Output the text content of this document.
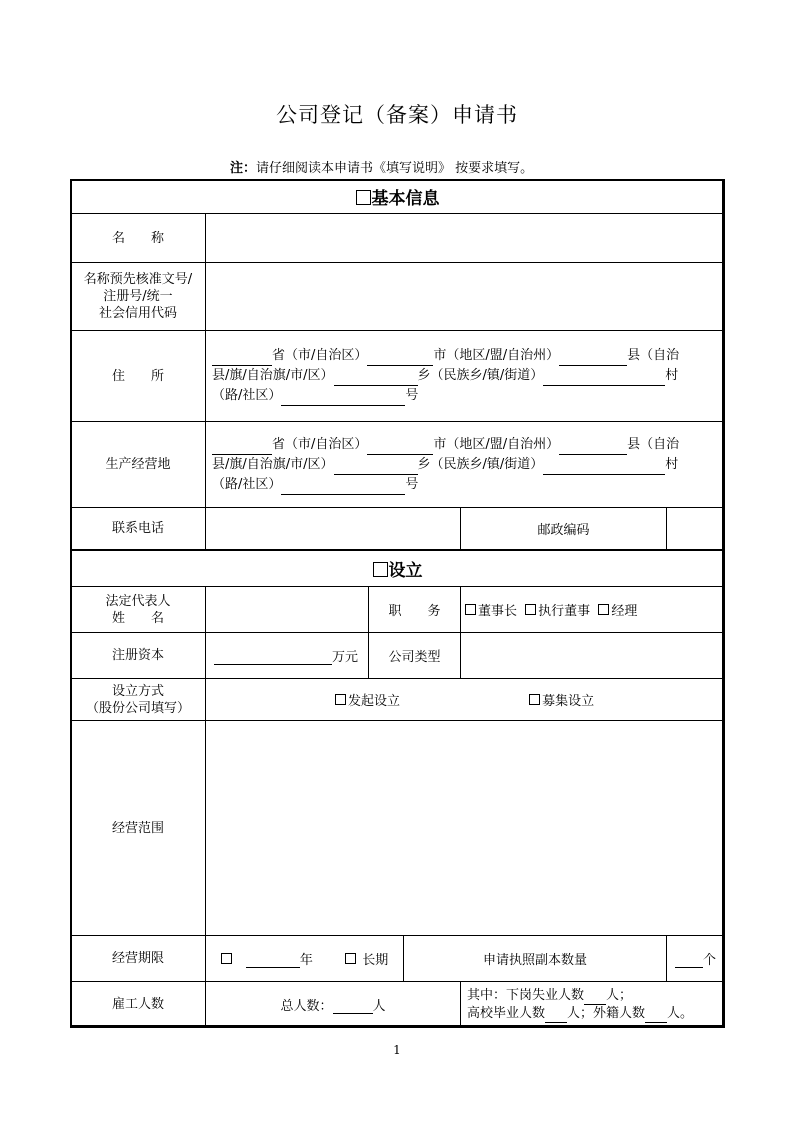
公司登记（备案）申请书
注：请仔细阅读本申请书《填写说明》 按要求填写。
基本信息					
名　　称					

名称预先核准文号/
注册号/统一
社会信用代码					

住　　所	省（市/自治区） 市（地区/盟/自治州） 县（自治
县/旗/自治旗/市/区） 乡（民族乡/镇/街道） 村
（路/社区） 号				

生产经营地	省（市/自治区） 市（地区/盟/自治州） 县（自治
县/旗/自治旗/市/区） 乡（民族乡/镇/街道） 村
（路/社区） 号				

联系电话				邮政编码	
设立					

法定代表人
姓　　名		职　　务		董事长 执行董事 经理	
注册资本	万元	公司类型			

设立方式
（股份公司填写）	发起设立 募集设立				
经营范围					
经营期限	年 长期		申请执照副本数量		个
雇工人数	总人数： 人			其中：下岗失业人数 人；
高校毕业人数 人；外籍人数 人。	
1
